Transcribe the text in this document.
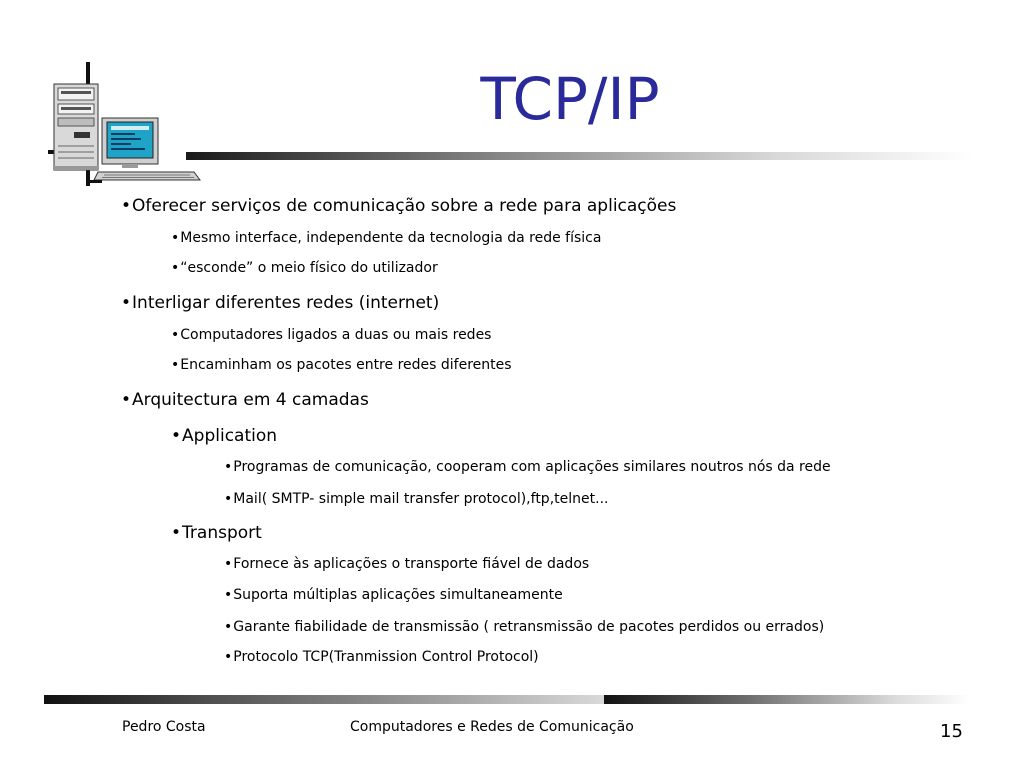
TCP/IP
•Oferecer serviços de comunicação sobre a rede para aplicações
•Mesmo interface, independente da tecnologia da rede física
•“esconde” o meio físico do utilizador
•Interligar diferentes redes (internet)
•Computadores ligados a duas ou mais redes
•Encaminham os pacotes entre redes diferentes
•Arquitectura em 4 camadas
•Application
•Programas de comunicação, cooperam com aplicações similares noutros nós da rede
•Mail( SMTP- simple mail transfer protocol),ftp,telnet...
•Transport
•Fornece às aplicações o transporte fiável de dados
•Suporta múltiplas aplicações simultaneamente
•Garante fiabilidade de transmissão ( retransmissão de pacotes perdidos ou errados)
•Protocolo TCP(Tranmission Control Protocol)
Pedro Costa	Computadores e Redes de Comunicação	15
